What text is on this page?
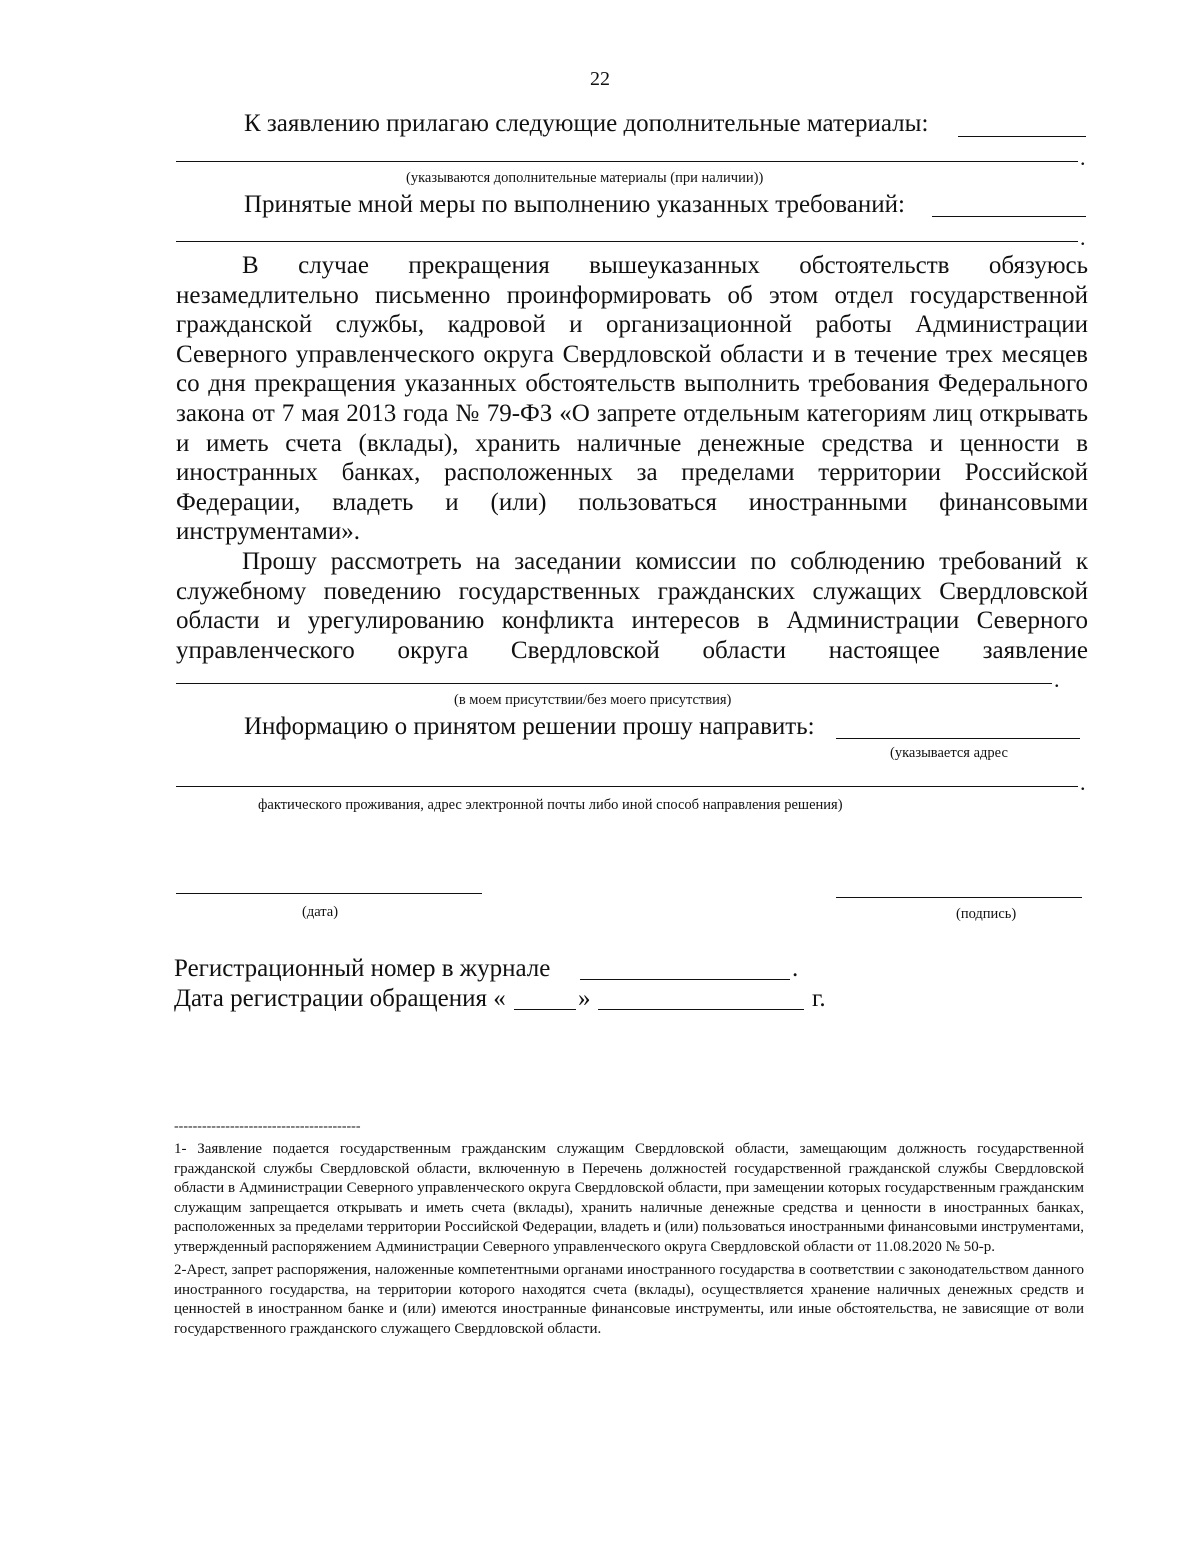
22
К заявлению прилагаю следующие дополнительные материалы:
.
(указываются дополнительные материалы (при наличии))
Принятые мной меры по выполнению указанных требований:
.

В случае прекращения вышеуказанных обстоятельств обязуюсь незамедлительно письменно проинформировать об этом отдел государственной гражданской службы, кадровой и организационной работы Администрации Северного управленческого округа Свердловской области и в течение трех месяцев со дня прекращения указанных обстоятельств выполнить требования Федерального закона от 7 мая 2013 года № 79-ФЗ «О запрете отдельным категориям лиц открывать и иметь счета (вклады), хранить наличные денежные средства и ценности в иностранных банках, расположенных за пределами территории Российской Федерации, владеть и (или) пользоваться иностранными финансовыми инструментами».

Прошу рассмотреть на заседании комиссии по соблюдению требований к служебному поведению государственных гражданских служащих Свердловской области и урегулированию конфликта интересов в Администрации Северного управленческого округа Свердловской области настоящее заявление

.
(в моем присутствии/без моего присутствия)
Информацию о принятом решении прошу направить:
(указывается адрес
.
фактического проживания, адрес электронной почты либо иной способ направления решения)
(дата)	(подпись)
Регистрационный номер в журнале	.
Дата регистрации обращения «	»	г.
----------------------------------------

1- Заявление подается государственным гражданским служащим Свердловской области, замещающим должность государственной гражданской службы Свердловской области, включенную в Перечень должностей государственной гражданской службы Свердловской области в Администрации Северного управленческого округа Свердловской области, при замещении которых государственным гражданским служащим запрещается открывать и иметь счета (вклады), хранить наличные денежные средства и ценности в иностранных банках, расположенных за пределами территории Российской Федерации, владеть и (или) пользоваться иностранными финансовыми инструментами, утвержденный распоряжением Администрации Северного управленческого округа Свердловской области от 11.08.2020 № 50-р.

2-Арест, запрет распоряжения, наложенные компетентными органами иностранного государства в соответствии с законодательством данного иностранного государства, на территории которого находятся счета (вклады), осуществляется хранение наличных денежных средств и ценностей в иностранном банке и (или) имеются иностранные финансовые инструменты, или иные обстоятельства, не зависящие от воли государственного гражданского служащего Свердловской области.
